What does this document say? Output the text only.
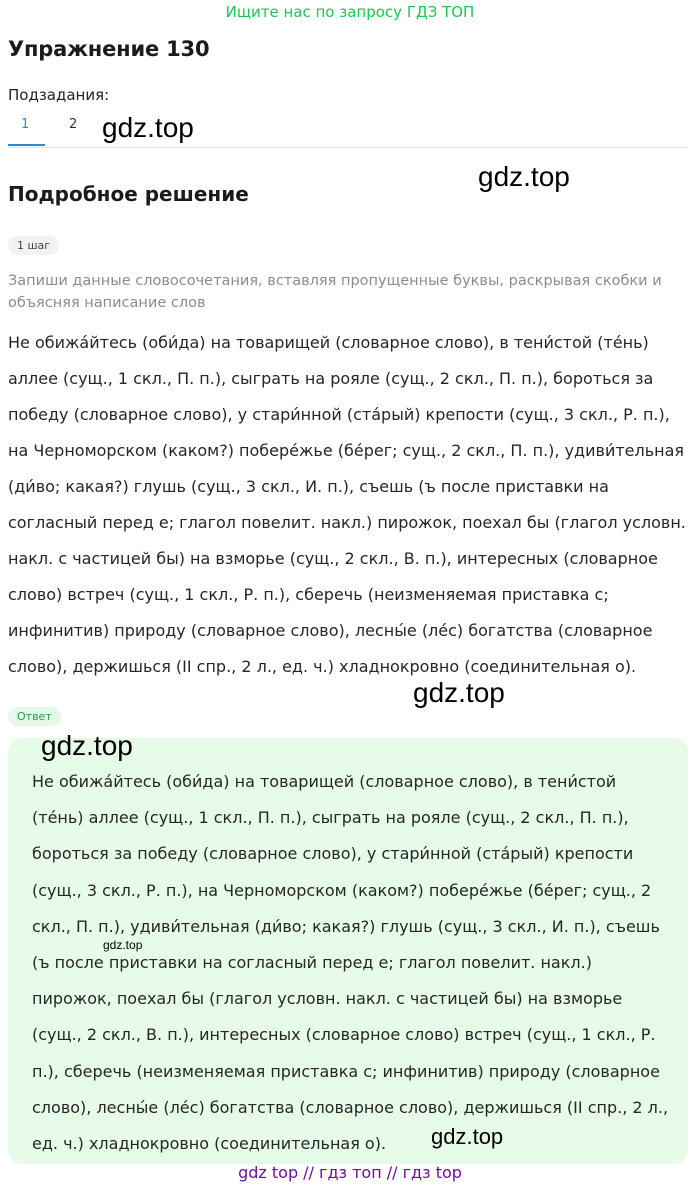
Ищите нас по запросу ГДЗ ТОП
Упражнение 130
Подзадания:
1	2
Подробное решение
1 шаг
Запиши данные словосочетания, вставляя пропущенные буквы, раскрывая скобки и объясняя написание слов
Не обижа́йтесь (оби́да) на товарищей (словарное слово), в тени́стой (те́нь) аллее (сущ., 1 скл., П. п.), сыграть на рояле (сущ., 2 скл., П. п.), бороться за победу (словарное слово), у стари́нной (ста́рый) крепости (сущ., 3 скл., Р. п.), на Черноморском (каком?) побере́жье (бе́рег; сущ., 2 скл., П. п.), удиви́тельная (ди́во; какая?) глушь (сущ., 3 скл., И. п.), съешь (ъ после приставки на согласный перед е; глагол повелит. накл.) пирожок, поехал бы (глагол условн. накл. с частицей бы) на взморье (сущ., 2 скл., В. п.), интересных (словарное слово) встреч (сущ., 1 скл., Р. п.), сберечь (неизменяемая приставка с; инфинитив) природу (словарное слово), лесны́е (ле́с) богатства (словарное слово), держишься (II спр., 2 л., ед. ч.) хладнокровно (соединительная о).
Ответ
Не обижа́йтесь (оби́да) на товарищей (словарное слово), в тени́стой (те́нь) аллее (сущ., 1 скл., П. п.), сыграть на рояле (сущ., 2 скл., П. п.), бороться за победу (словарное слово), у стари́нной (ста́рый) крепости (сущ., 3 скл., Р. п.), на Черноморском (каком?) побере́жье (бе́рег; сущ., 2 скл., П. п.), удиви́тельная (ди́во; какая?) глушь (сущ., 3 скл., И. п.), съешь (ъ после приставки на согласный перед е; глагол повелит. накл.) пирожок, поехал бы (глагол условн. накл. с частицей бы) на взморье (сущ., 2 скл., В. п.), интересных (словарное слово) встреч (сущ., 1 скл., Р. п.), сберечь (неизменяемая приставка с; инфинитив) природу (словарное слово), лесны́е (ле́с) богатства (словарное слово), держишься (II спр., 2 л., ед. ч.) хладнокровно (соединительная о).
gdz.top
gdz.top
gdz.top
gdz.top
gdz.top
gdz.top
gdz top // гдз топ // гдз top
